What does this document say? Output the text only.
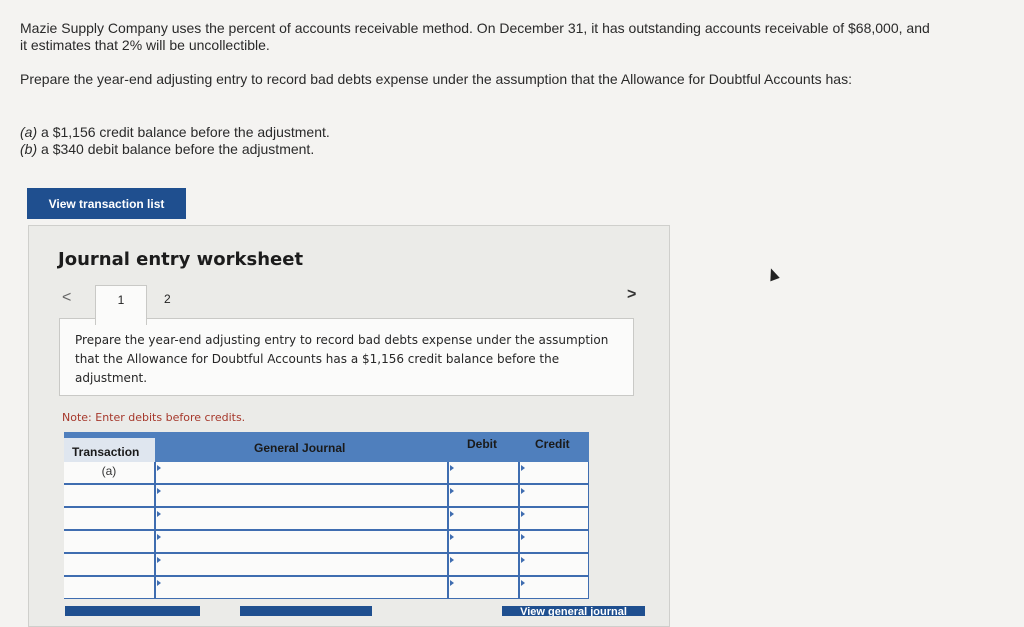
Mazie Supply Company uses the percent of accounts receivable method. On December 31, it has outstanding accounts receivable of $68,000, and it estimates that 2% will be uncollectible.
Prepare the year-end adjusting entry to record bad debts expense under the assumption that the Allowance for Doubtful Accounts has:
(a) a $1,156 credit balance before the adjustment.
(b) a $340 debit balance before the adjustment.
View transaction list
Journal entry worksheet
<	1	2	>
Prepare the year-end adjusting entry to record bad debts expense under the assumption that the Allowance for Doubtful Accounts has a $1,156 credit balance before the adjustment.
Note: Enter debits before credits.
Transaction	General Journal	Debit	Credit
(a)
View general journal
